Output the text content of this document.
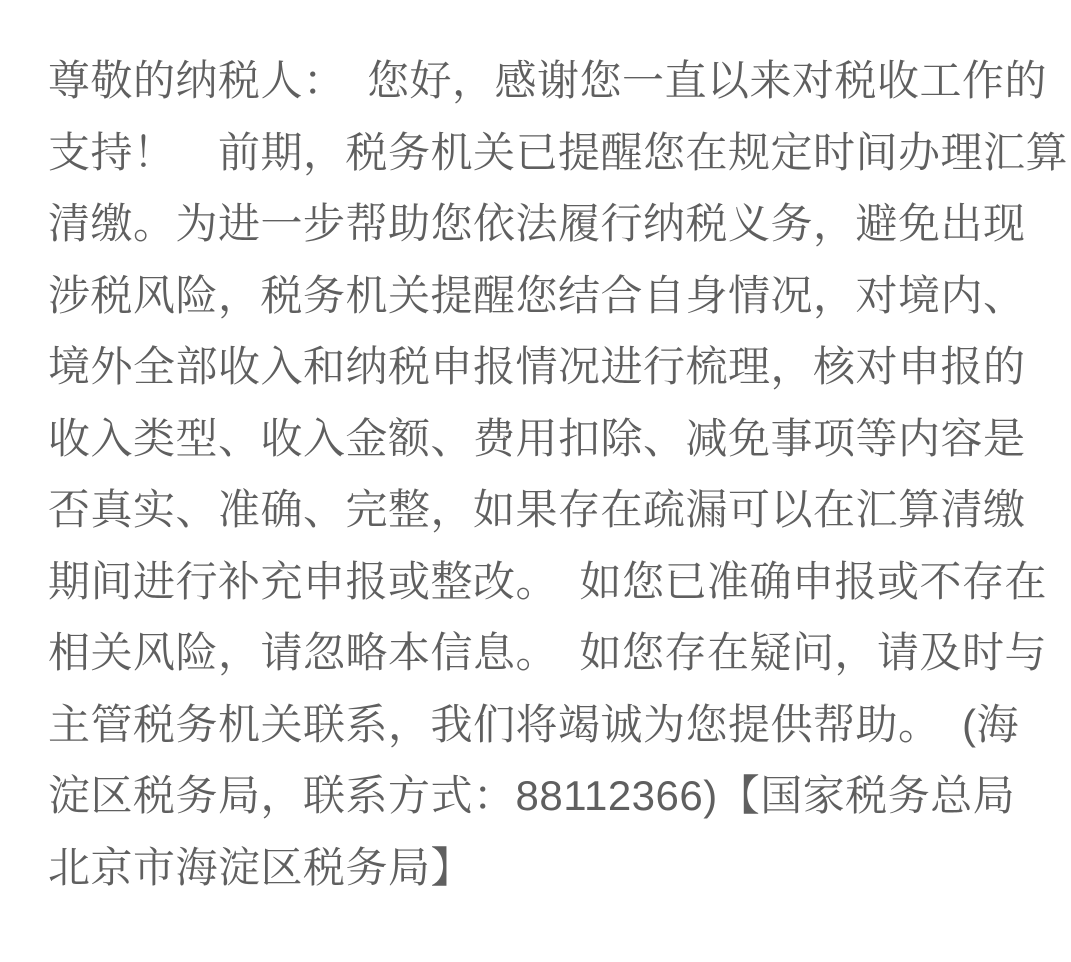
尊敬的纳税人：　您好，感谢您一直以来对税收工作的
支持！　前期，税务机关已提醒您在规定时间办理汇算
清缴。为进一步帮助您依法履行纳税义务，避免出现
涉税风险，税务机关提醒您结合自身情况，对境内、
境外全部收入和纳税申报情况进行梳理，核对申报的
收入类型、收入金额、费用扣除、减免事项等内容是
否真实、准确、完整，如果存在疏漏可以在汇算清缴
期间进行补充申报或整改。　如您已准确申报或不存在
相关风险，请忽略本信息。　如您存在疑问，请及时与
主管税务机关联系，我们将竭诚为您提供帮助。　(海
淀区税务局，联系方式：88112366)【国家税务总局
北京市海淀区税务局】
